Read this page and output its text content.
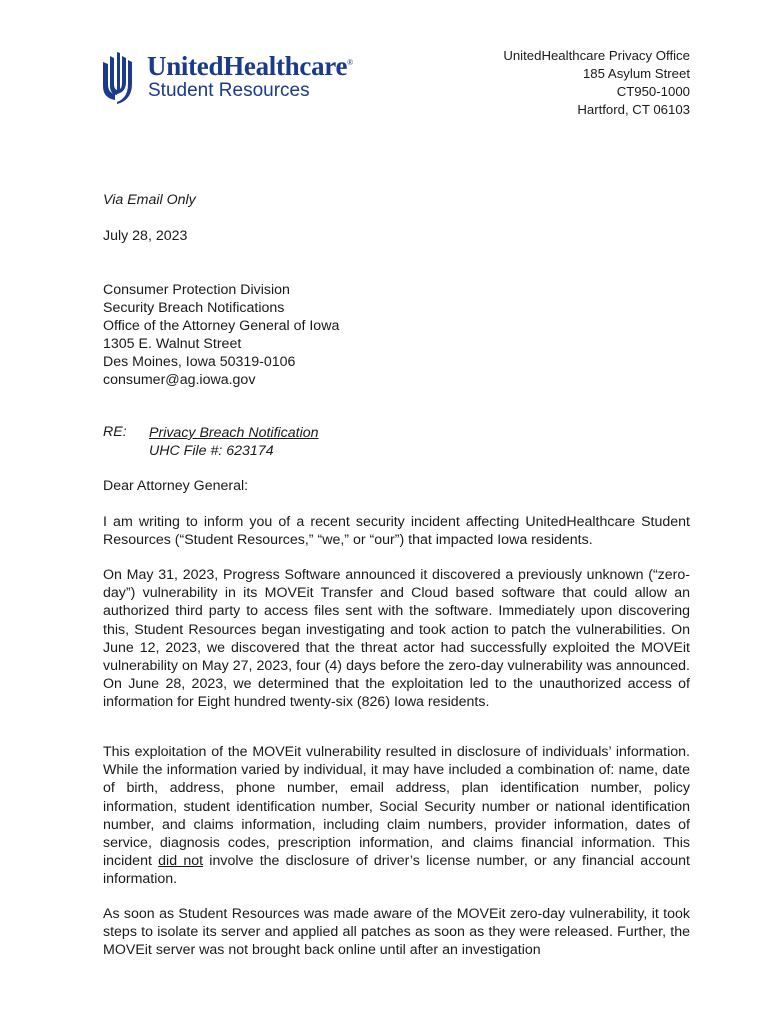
UnitedHealthcare®
Student Resources
UnitedHealthcare Privacy Office
185 Asylum Street
CT950-1000
Hartford, CT 06103
Via Email Only
July 28, 2023
Consumer Protection Division
Security Breach Notifications
Office of the Attorney General of Iowa
1305 E. Walnut Street
Des Moines, Iowa 50319-0106
consumer@ag.iowa.gov
RE: Privacy Breach Notification
UHC File #: 623174
Dear Attorney General:
I am writing to inform you of a recent security incident affecting UnitedHealthcare Student Resources (“Student Resources,” “we,” or “our”) that impacted Iowa residents.
On May 31, 2023, Progress Software announced it discovered a previously unknown (“zero-day”) vulnerability in its MOVEit Transfer and Cloud based software that could allow an authorized third party to access files sent with the software. Immediately upon discovering this, Student Resources began investigating and took action to patch the vulnerabilities. On June 12, 2023, we discovered that the threat actor had successfully exploited the MOVEit vulnerability on May 27, 2023, four (4) days before the zero-day vulnerability was announced. On June 28, 2023, we determined that the exploitation led to the unauthorized access of information for Eight hundred twenty-six (826) Iowa residents.
This exploitation of the MOVEit vulnerability resulted in disclosure of individuals’ information. While the information varied by individual, it may have included a combination of: name, date of birth, address, phone number, email address, plan identification number, policy information, student identification number, Social Security number or national identification number, and claims information, including claim numbers, provider information, dates of service, diagnosis codes, prescription information, and claims financial information. This incident did not involve the disclosure of driver’s license number, or any financial account information.
As soon as Student Resources was made aware of the MOVEit zero-day vulnerability, it took steps to isolate its server and applied all patches as soon as they were released. Further, the MOVEit server was not brought back online until after an investigation
